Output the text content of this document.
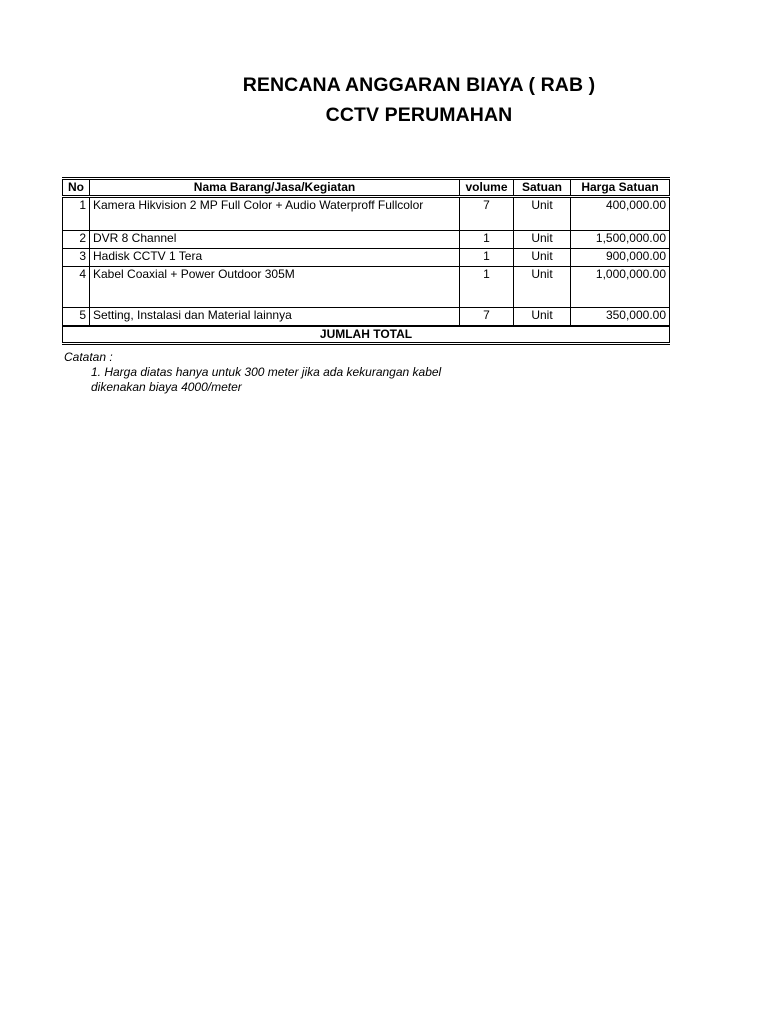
RENCANA ANGGARAN BIAYA ( RAB )
CCTV PERUMAHAN
No	Nama Barang/Jasa/Kegiatan	volume	Satuan	Harga Satuan
1	Kamera Hikvision 2 MP Full Color + Audio Waterproff Fullcolor	7	Unit	400,000.00
2	DVR 8 Channel	1	Unit	1,500,000.00
3	Hadisk CCTV 1 Tera	1	Unit	900,000.00
4	Kabel Coaxial + Power Outdoor 305M	1	Unit	1,000,000.00
5	Setting, Instalasi dan Material lainnya	7	Unit	350,000.00
JUMLAH TOTAL				
Catatan :
1. Harga diatas hanya untuk 300 meter jika ada kekurangan kabel
dikenakan biaya 4000/meter
